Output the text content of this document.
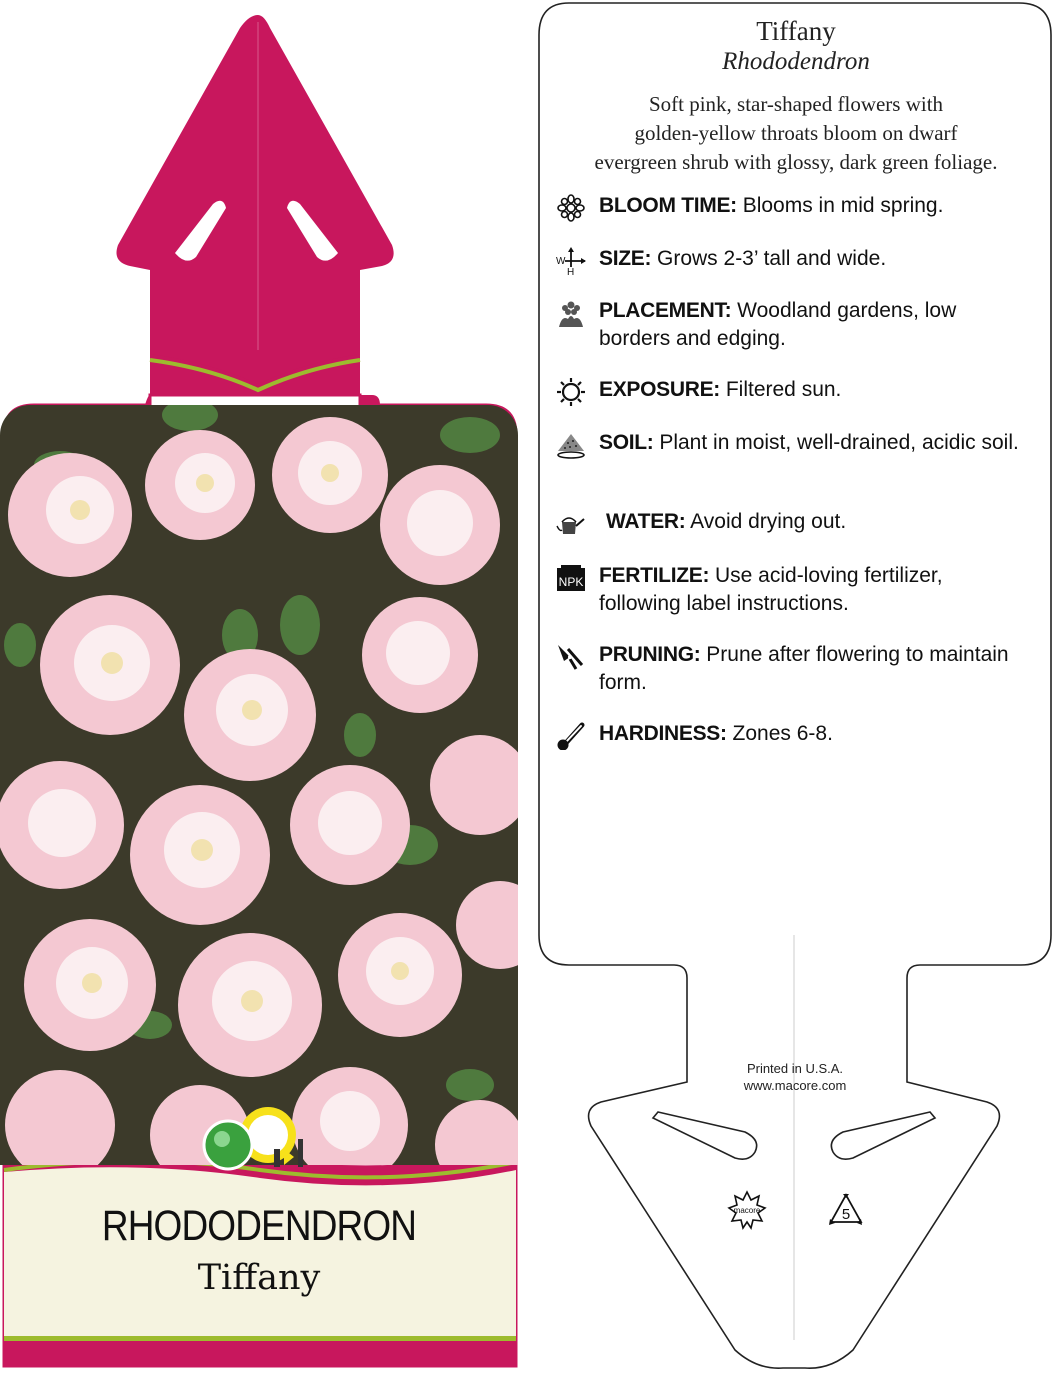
RHODODENDRON
Tiffany
Tiffany
Rhododendron
Soft pink, star-shaped flowers with
golden-yellow throats bloom on dwarf
evergreen shrub with glossy, dark green foliage.
BLOOM TIME: Blooms in mid spring.
W
H
SIZE: Grows 2-3’ tall and wide.
PLACEMENT: Woodland gardens, low borders and edging.
EXPOSURE: Filtered sun.
SOIL: Plant in moist, well-drained, acidic soil.
WATER: Avoid drying out.
NPK FERTILIZE: Use acid-loving fertilizer, following label instructions.
PRUNING: Prune after flowering to maintain form.
HARDINESS: Zones 6-8.
Printed in U.S.A.
www.macore.com
macore	5
